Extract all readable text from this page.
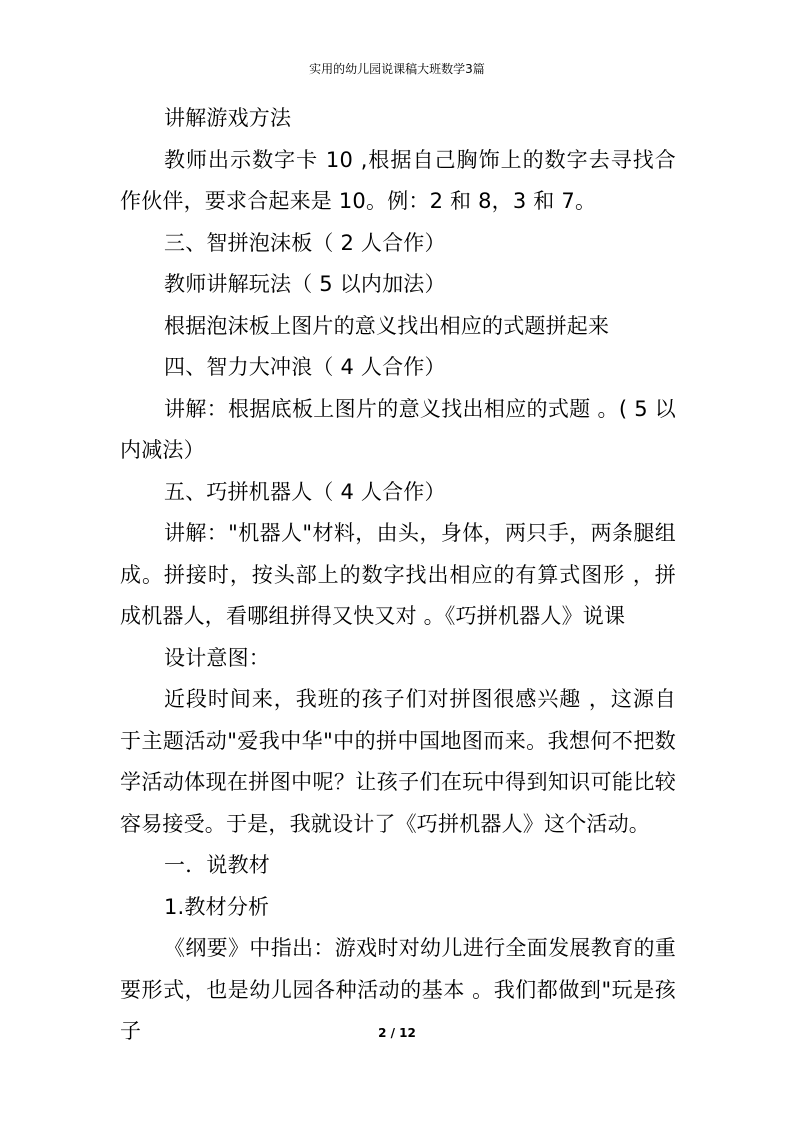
实用的幼儿园说课稿大班数学3篇

讲解游戏方法

教师出示数字卡 10 ,根据自己胸饰上的数字去寻找合作伙伴，要求合起来是 10。例：2 和 8，3 和 7。

三、智拼泡沫板（ 2 人合作）

教师讲解玩法（ 5 以内加法）

根据泡沫板上图片的意义找出相应的式题拼起来

四、智力大冲浪（ 4 人合作）

讲解：根据底板上图片的意义找出相应的式题 。( 5 以内减法）

五、巧拼机器人（ 4 人合作）

讲解："机器人"材料，由头，身体，两只手，两条腿组成。拼接时，按头部上的数字找出相应的有算式图形 ，拼成机器人，看哪组拼得又快又对 。《巧拼机器人》说课

设计意图：

近段时间来，我班的孩子们对拼图很感兴趣 ，这源自于主题活动"爱我中华"中的拼中国地图而来。我想何不把数学活动体现在拼图中呢？让孩子们在玩中得到知识可能比较容易接受。于是，我就设计了《巧拼机器人》这个活动。

一．说教材

1.教材分析

《纲要》中指出：游戏时对幼儿进行全面发展教育的重要形式，也是幼儿园各种活动的基本 。我们都做到"玩是孩子	2 / 12
